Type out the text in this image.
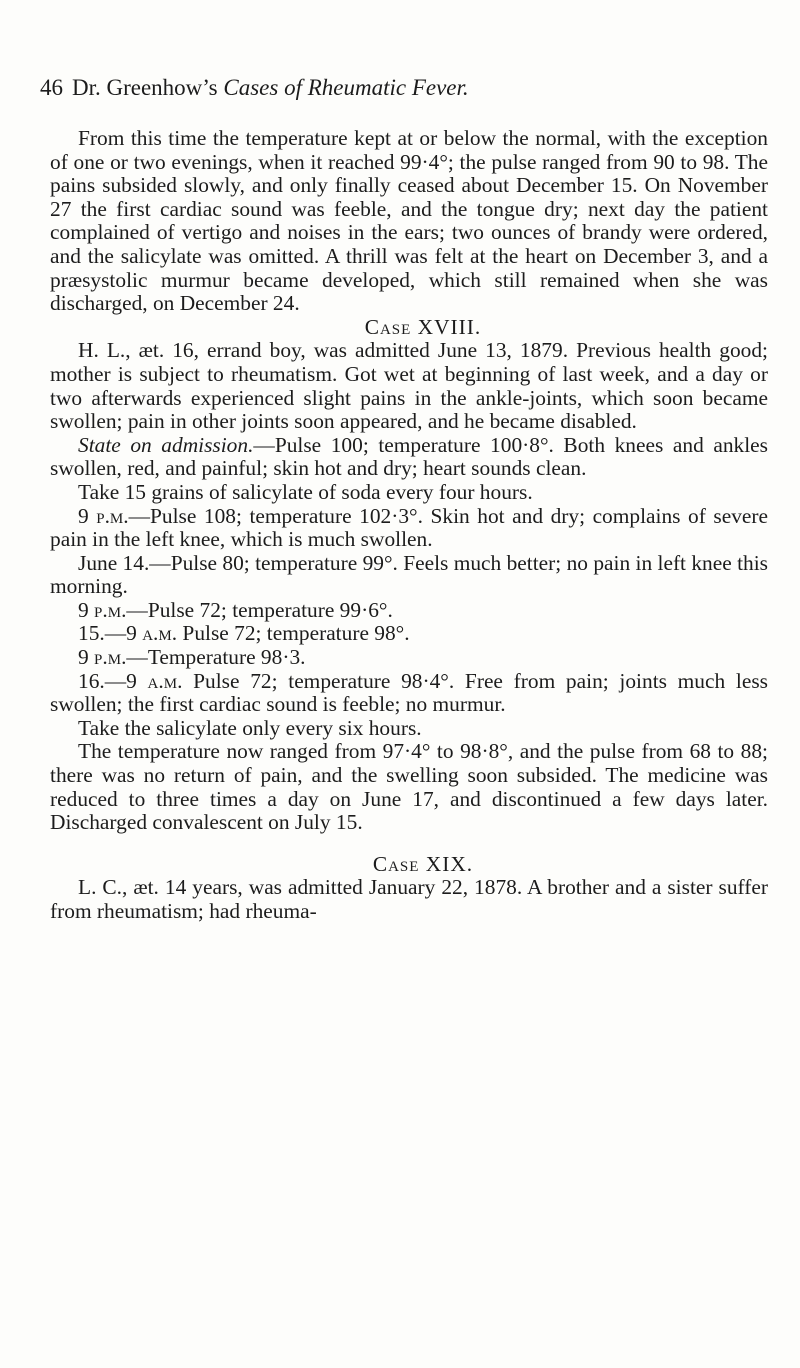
46 Dr. Greenhow’s Cases of Rheumatic Fever.

From this time the temperature kept at or below the normal, with the exception of one or two evenings, when it reached 99·4°; the pulse ranged from 90 to 98. The pains subsided slowly, and only finally ceased about December 15. On November 27 the first cardiac sound was feeble, and the tongue dry; next day the patient complained of vertigo and noises in the ears; two ounces of brandy were ordered, and the salicylate was omitted. A thrill was felt at the heart on December 3, and a præsystolic murmur became developed, which still remained when she was discharged, on December 24.

Case XVIII.

H. L., æt. 16, errand boy, was admitted June 13, 1879. Previous health good; mother is subject to rheumatism. Got wet at beginning of last week, and a day or two afterwards experienced slight pains in the ankle-joints, which soon became swollen; pain in other joints soon appeared, and he became disabled.

State on admission.—Pulse 100; temperature 100·8°. Both knees and ankles swollen, red, and painful; skin hot and dry; heart sounds clean.

Take 15 grains of salicylate of soda every four hours.

9 p.m.—Pulse 108; temperature 102·3°. Skin hot and dry; complains of severe pain in the left knee, which is much swollen.

June 14.—Pulse 80; temperature 99°. Feels much better; no pain in left knee this morning.

9 p.m.—Pulse 72; temperature 99·6°.

15.—9 a.m. Pulse 72; temperature 98°.

9 p.m.—Temperature 98·3.

16.—9 a.m. Pulse 72; temperature 98·4°. Free from pain; joints much less swollen; the first cardiac sound is feeble; no murmur.

Take the salicylate only every six hours.

The temperature now ranged from 97·4° to 98·8°, and the pulse from 68 to 88; there was no return of pain, and the swelling soon subsided. The medicine was reduced to three times a day on June 17, and discontinued a few days later. Discharged convalescent on July 15.

Case XIX.

L. C., æt. 14 years, was admitted January 22, 1878. A brother and a sister suffer from rheumatism; had rheuma-
